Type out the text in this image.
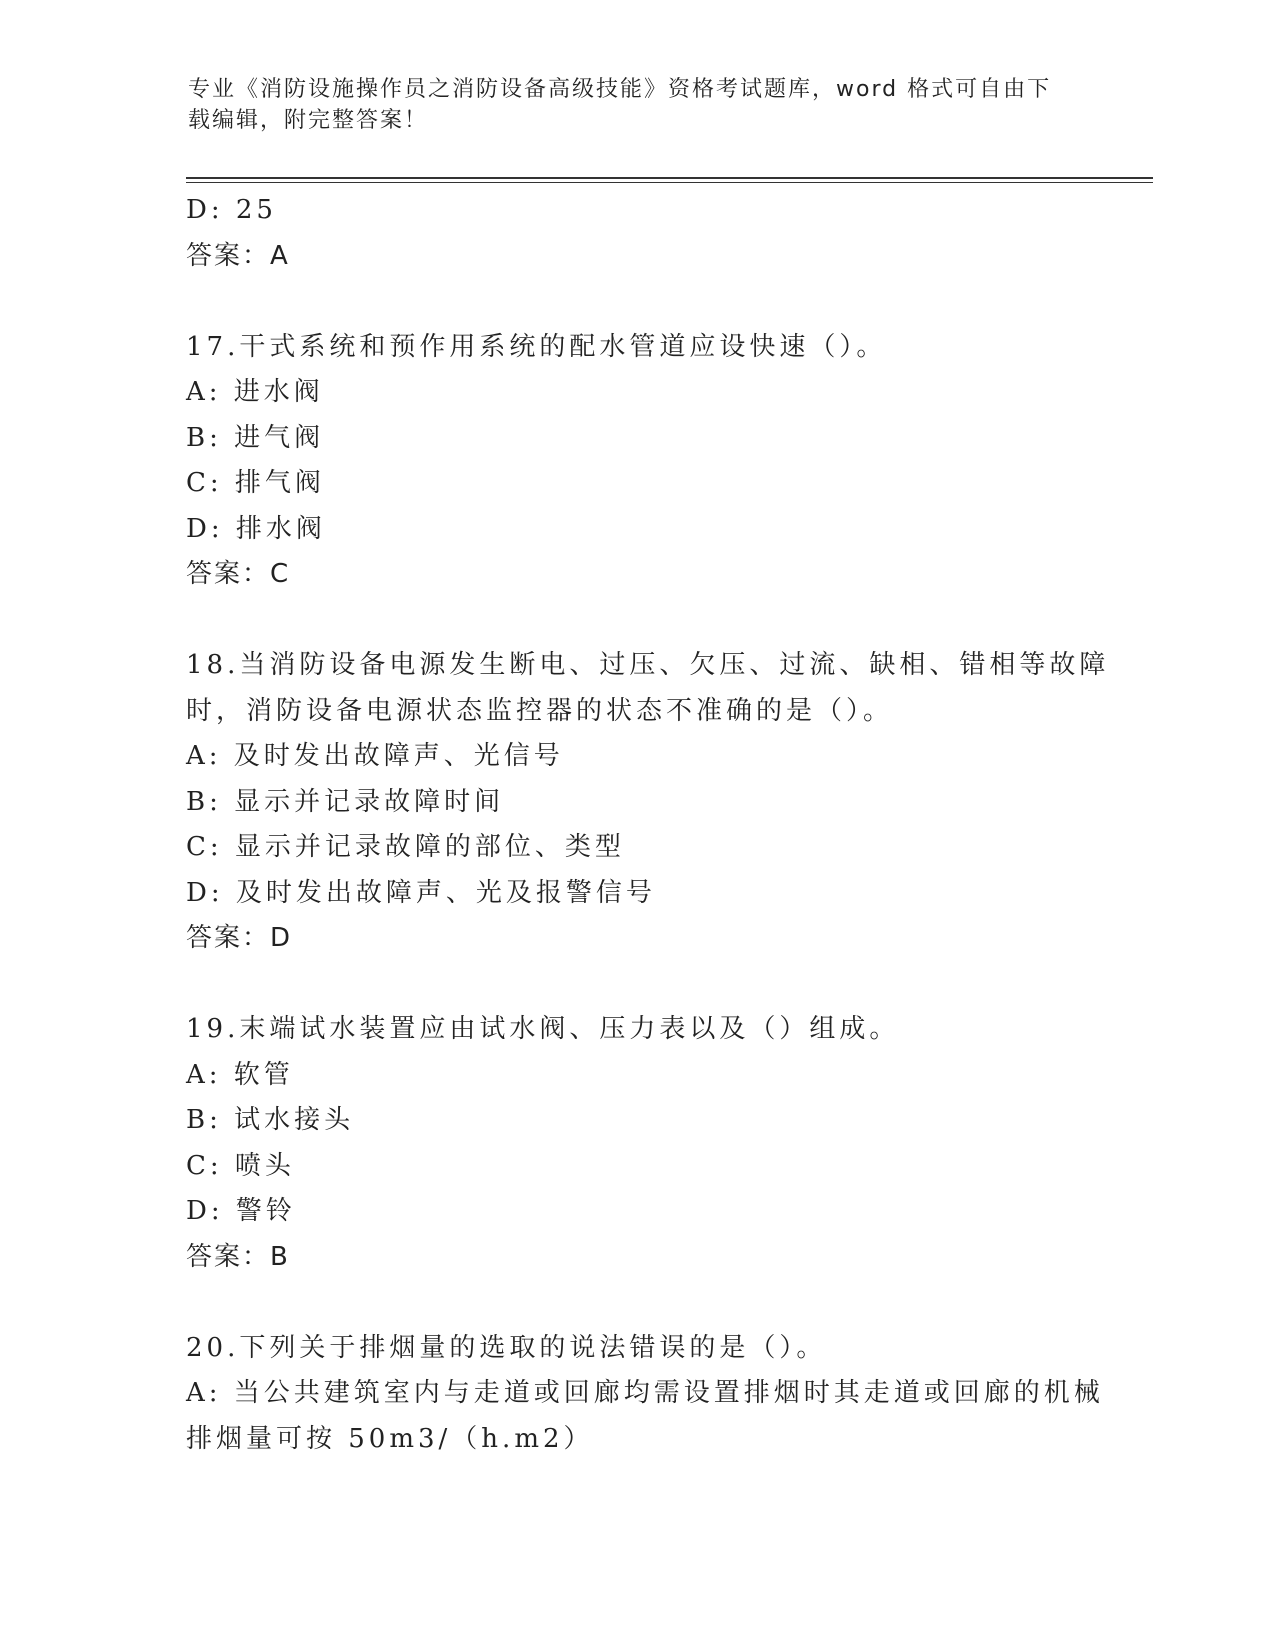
专业《消防设施操作员之消防设备高级技能》资格考试题库，word 格式可自由下
载编辑，附完整答案！
D: 25
答案：A
17.干式系统和预作用系统的配水管道应设快速（）。
A: 进水阀
B: 进气阀
C: 排气阀
D: 排水阀
答案：C
18.当消防设备电源发生断电、过压、欠压、过流、缺相、错相等故障
时，消防设备电源状态监控器的状态不准确的是（）。
A: 及时发出故障声、光信号
B: 显示并记录故障时间
C: 显示并记录故障的部位、类型
D: 及时发出故障声、光及报警信号
答案：D
19.末端试水装置应由试水阀、压力表以及（）组成。
A: 软管
B: 试水接头
C: 喷头
D: 警铃
答案：B
20.下列关于排烟量的选取的说法错误的是（）。
A: 当公共建筑室内与走道或回廊均需设置排烟时其走道或回廊的机械
排烟量可按 50m3/（h.m2）
